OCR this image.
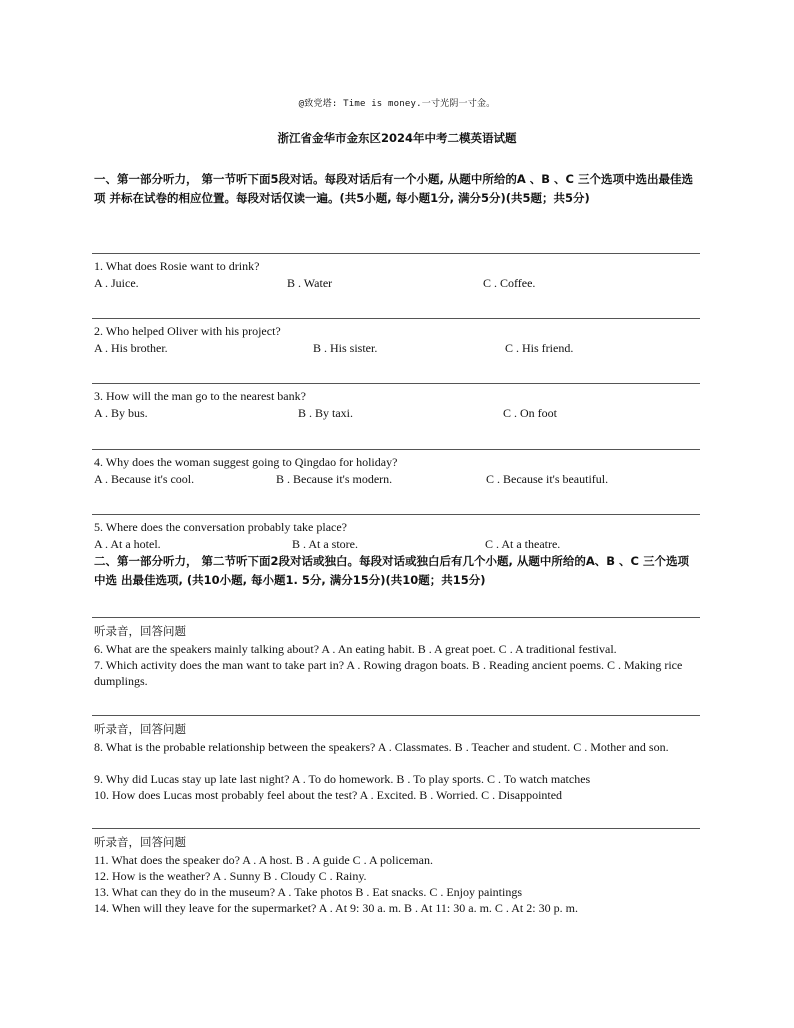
@致党塔: Time is money.一寸光阴一寸金。
浙江省金华市金东区2024年中考二模英语试题
一、第一部分听力， 第一节听下面5段对话。每段对话后有一个小题, 从题中所给的A 、B 、C 三个选项中选出最佳选项 并标在试卷的相应位置。每段对话仅读一遍。(共5小题, 每小题1分, 满分5分)(共5题；共5分)
1. What does Rosie want to drink?
A . Juice.	B . Water	C . Coffee.
2. Who helped Oliver with his project?
A . His brother.	B . His sister.	C . His friend.
3. How will the man go to the nearest bank?
A . By bus.	B . By taxi.	C . On foot
4. Why does the woman suggest going to Qingdao for holiday?
A . Because it's cool.	B . Because it's modern.	C . Because it's beautiful.
5. Where does the conversation probably take place?
A . At a hotel.	B . At a store.	C . At a theatre.
二、第一部分听力， 第二节听下面2段对话或独白。每段对话或独白后有几个小题, 从题中所给的A、B 、C 三个选项中选 出最佳选项, (共10小题, 每小题1. 5分, 满分15分)(共10题；共15分)
听录音，回答问题
6. What are the speakers mainly talking about? A . An eating habit. B . A great poet. C . A traditional festival.
7. Which activity does the man want to take part in? A . Rowing dragon boats. B . Reading ancient poems. C . Making rice dumplings.
听录音，回答问题
8. What is the probable relationship between the speakers? A . Classmates. B . Teacher and student. C . Mother and son.
9. Why did Lucas stay up late last night? A . To do homework. B . To play sports. C . To watch matches
10. How does Lucas most probably feel about the test? A . Excited. B . Worried. C . Disappointed
听录音，回答问题
11. What does the speaker do? A . A host. B . A guide C . A policeman.
12. How is the weather? A . Sunny B . Cloudy C . Rainy.
13. What can they do in the museum? A . Take photos B . Eat snacks. C . Enjoy paintings
14. When will they leave for the supermarket? A . At 9: 30 a. m. B . At 11: 30 a. m. C . At 2: 30 p. m.
